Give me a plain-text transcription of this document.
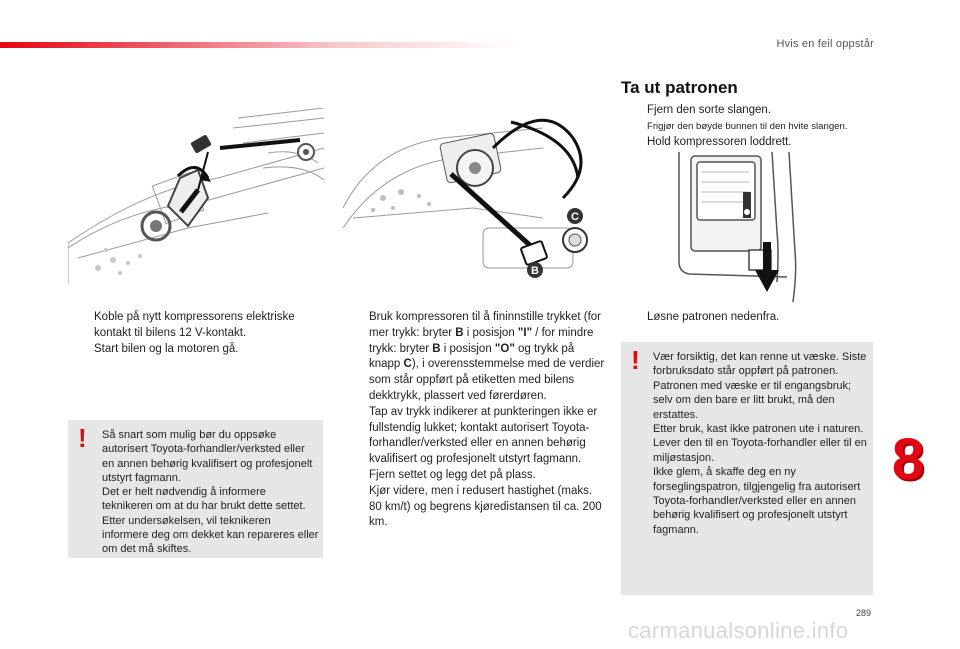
Hvis en feil oppstår
C
B
Koble på nytt kompressorens elektriske kontakt til bilens 12 V-kontakt.
Start bilen og la motoren gå.
! Så snart som mulig bør du oppsøke autorisert Toyota-forhandler/verksted eller en annen behørig kvalifisert og profesjonelt utstyrt fagmann.
Det er helt nødvendig å informere teknikeren om at du har brukt dette settet. Etter undersøkelsen, vil teknikeren informere deg om dekket kan repareres eller om det må skiftes.
Bruk kompressoren til å fininnstille trykket (for mer trykk: bryter B i posisjon "I" / for mindre trykk: bryter B i posisjon "O" og trykk på knapp C), i overensstemmelse med de verdier som står oppført på etiketten med bilens dekktrykk, plassert ved førerdøren.
Tap av trykk indikerer at punkteringen ikke er fullstendig lukket; kontakt autorisert Toyota-forhandler/verksted eller en annen behørig kvalifisert og profesjonelt utstyrt fagmann.
Fjern settet og legg det på plass.
Kjør videre, men i redusert hastighet (maks. 80 km/t) og begrens kjøredistansen til ca. 200 km.
Ta ut patronen
Fjern den sorte slangen.
Frigjør den bøyde bunnen til den hvite slangen.
Hold kompressoren loddrett.
Løsne patronen nedenfra.
! Vær forsiktig, det kan renne ut væske. Siste forbruksdato står oppført på patronen.
Patronen med væske er til engangsbruk; selv om den bare er litt brukt, må den erstattes.
Etter bruk, kast ikke patronen ute i naturen. Lever den til en Toyota-forhandler eller til en miljøstasjon.
Ikke glem, å skaffe deg en ny forseglingspatron, tilgjengelig fra autorisert Toyota-forhandler/verksted eller en annen behørig kvalifisert og profesjonelt utstyrt fagmann.
8
289
carmanualsonline.info
